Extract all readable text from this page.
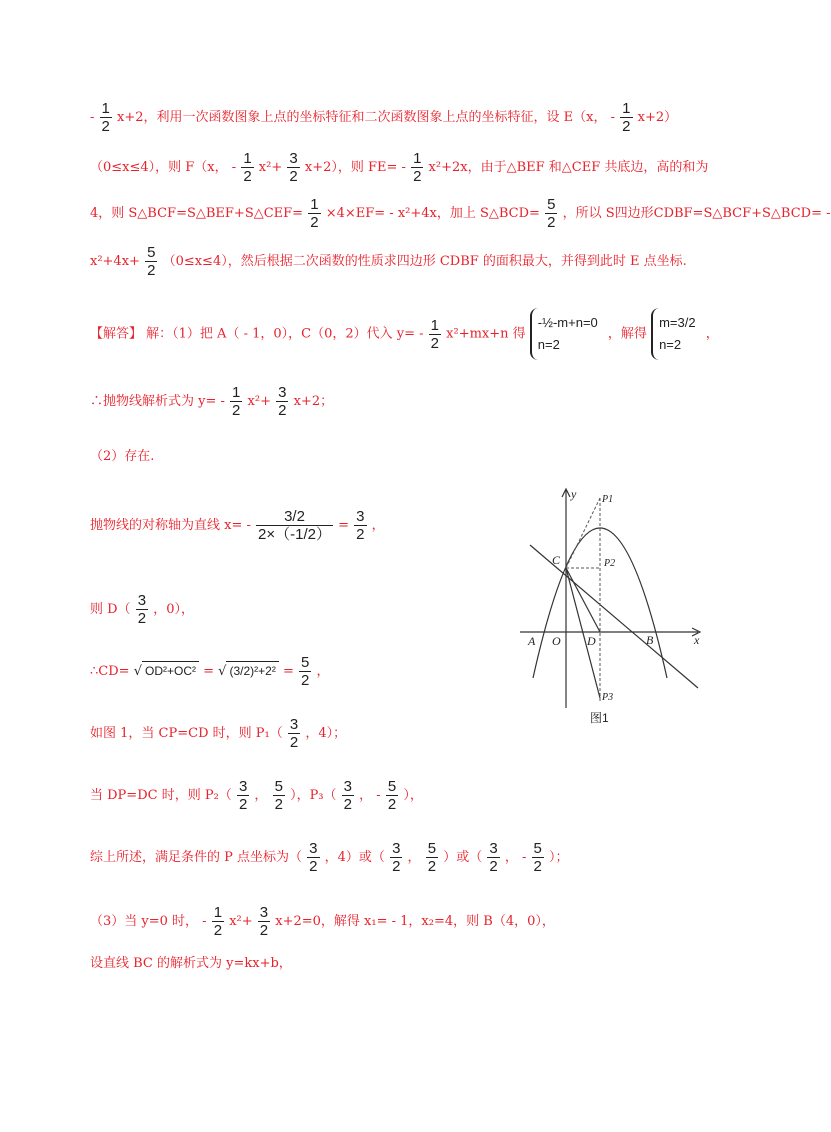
- $\frac{1}{2} x+2$，利用一次函数图象上点的坐标特征和二次函数图象上点的坐标特征，设 E（x， - $\frac{1}{2} x+2$）
（0≤x≤4），则 F（x， - $\frac{1}{2} x^2+ \frac{3}{2} x+2$），则 $FE= - \frac{1}{2} x^2+2x$，由于△BEF 和△CEF 共底边，高的和为
4，则 S△BCF=S△BEF+S△CEF= $\frac{1}{2} \times 4\times EF= - x^2+4x$，加上 S△BCD= $\frac{5}{2}$ ，所以 S四边形CDBF=S△BCF+S△BCD= -
$x^2+4x+ \frac{5}{2} (0\le x\le 4)$，然后根据二次函数的性质求四边形 CDBF 的面积最大，并得到此时 E 点坐标.
【解答】 解：（1）把 A（ - 1，0），C（0，2）代入 $y= - \frac{1}{2} x^2+mx+n$ 得 -½-m+n=0
n=2 ，解得 m=3/2
n=2 ，
∴抛物线解析式为 $y= - \frac{1}{2} x^2+ \frac{3}{2} x+2$；
（2）存在.
抛物线的对称轴为直线 $x= - \frac{3/2}{2\times(-1/2)} = \frac{3}{2}$ ，
则 $D( \frac{3}{2}$ ，0），
∴CD= √ OD²+OC² = √ $(3/2)^2+2^2 = \frac{5}{2}$ ，
如图 1，当 CP=CD 时，则 $P_1( \frac{3}{2}$ ，4）；
当 DP=DC 时，则 $P_2( \frac{3}{2}$ ， $\frac{5}{2}$ ），$P_3( \frac{3}{2}$ ， - $\frac{5}{2}$ ），
综上所述，满足条件的 P 点坐标为（ $\frac{3}{2}$ ，4）或（ $\frac{3}{2}$ ， $\frac{5}{2}$ ）或（ $\frac{3}{2}$ ， - $\frac{5}{2}$ ）；
（3）当 y=0 时， - $\frac{1}{2} x^2+ \frac{3}{2} x+2=0$，解得 x₁= - 1，x₂=4，则 B（4，0），
设直线 BC 的解析式为 y=kx+b，
y
x
A O D	B
C
P1
P2
P3
图1
